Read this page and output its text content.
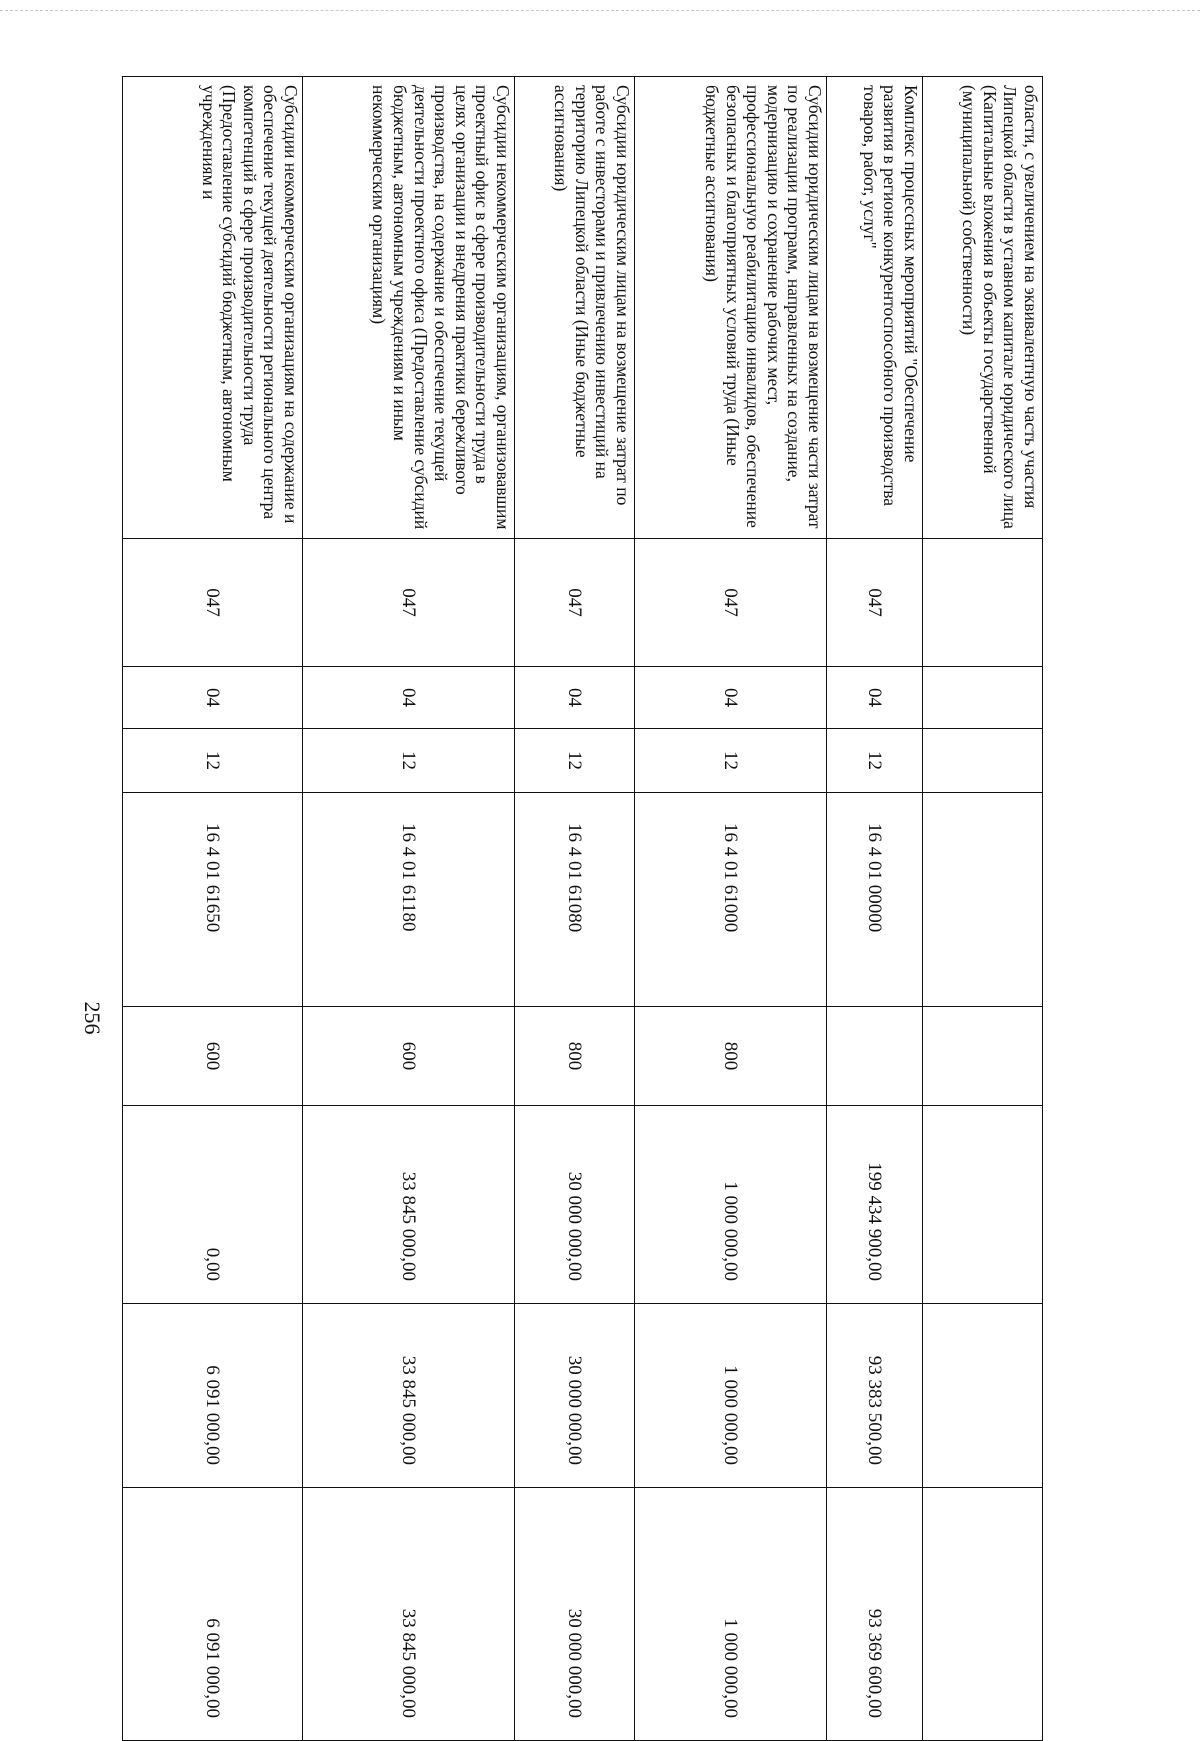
256
области, с увеличением на эквивалентную часть участия Липецкой области в уставном капитале юридического лица (Капитальные вложения в объекты государственной (муниципальной) собственности)								
Комплекс процессных мероприятий "Обеспечение развития в регионе конкурентоспособного производства товаров, работ, услуг"	047	04	12	16 4 01 00000		199 434 900,00	93 383 500,00	93 369 600,00
Субсидии юридическим лицам на возмещение части затрат по реализации программ, направленных на создание, модернизацию и сохранение рабочих мест, профессиональную реабилитацию инвалидов, обеспечение безопасных и благоприятных условий труда (Иные бюджетные ассигнования)	047	04	12	16 4 01 61000	800	1 000 000,00	1 000 000,00	1 000 000,00
Субсидии юридическим лицам на возмещение затрат по работе с инвесторами и привлечению инвестиций на территорию Липецкой области (Иные бюджетные ассигнования)	047	04	12	16 4 01 61080	800	30 000 000,00	30 000 000,00	30 000 000,00
Субсидии некоммерческим организациям, организовавшим проектный офис в сфере производительности труда в целях организации и внедрения практики бережливого производства, на содержание и обеспечение текущей деятельности проектного офиса (Предоставление субсидий бюджетным, автономным учреждениям и иным некоммерческим организациям)	047	04	12	16 4 01 61180	600	33 845 000,00	33 845 000,00	33 845 000,00
Субсидии некоммерческим организациям на содержание и обеспечение текущей деятельности регионального центра компетенций в сфере производительности труда (Предоставление субсидий бюджетным, автономным учреждениям и	047	04	12	16 4 01 61650	600	0,00	6 091 000,00	6 091 000,00
